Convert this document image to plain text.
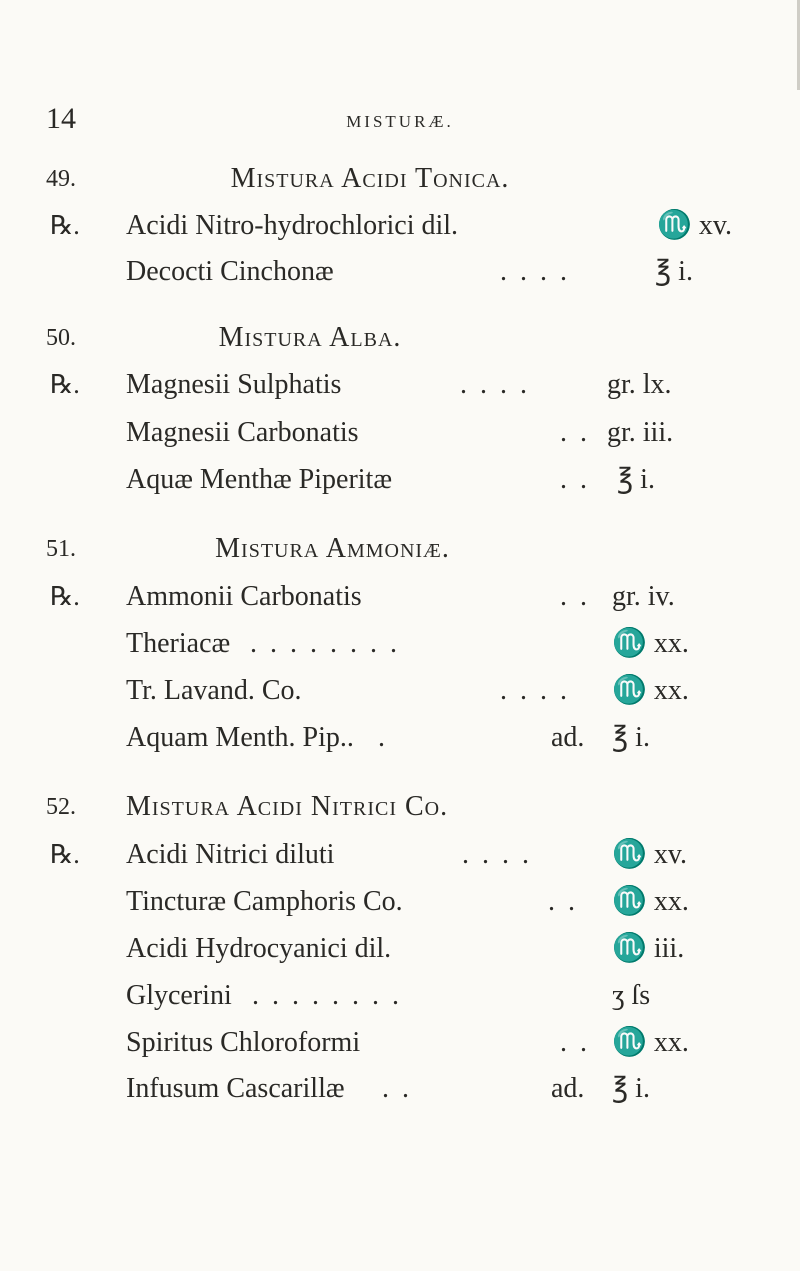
14	MISTURÆ.
49.	Mistura Acidi Tonica.
℞. Acidi Nitro-hydrochlorici dil.	♏ xv.
Decocti Cinchonæ	. . . .	℥ i.
50.	Mistura Alba.
℞. Magnesii Sulphatis	. . . .	gr. lx.
Magnesii Carbonatis	. . gr. iii.
Aquæ Menthæ Piperitæ	. . ℥ i.
51.	Mistura Ammoniæ.
℞. Ammonii Carbonatis	. . gr. iv.
Theriacæ . . . . . . . .	♏ xx.
Tr. Lavand. Co.	. . . . ♏ xx.
Aquam Menth. Pip.. .	ad. ℥ i.
52. Mistura Acidi Nitrici Co.
℞. Acidi Nitrici diluti	. . . .	♏ xv.
Tincturæ Camphoris Co.	. . ♏ xx.
Acidi Hydrocyanici dil.	♏ iii.
Glycerini . . . . . . . .	ʒ ſs
Spiritus Chloroformi	. . ♏ xx.
Infusum Cascarillæ . .	ad. ℥ i.
